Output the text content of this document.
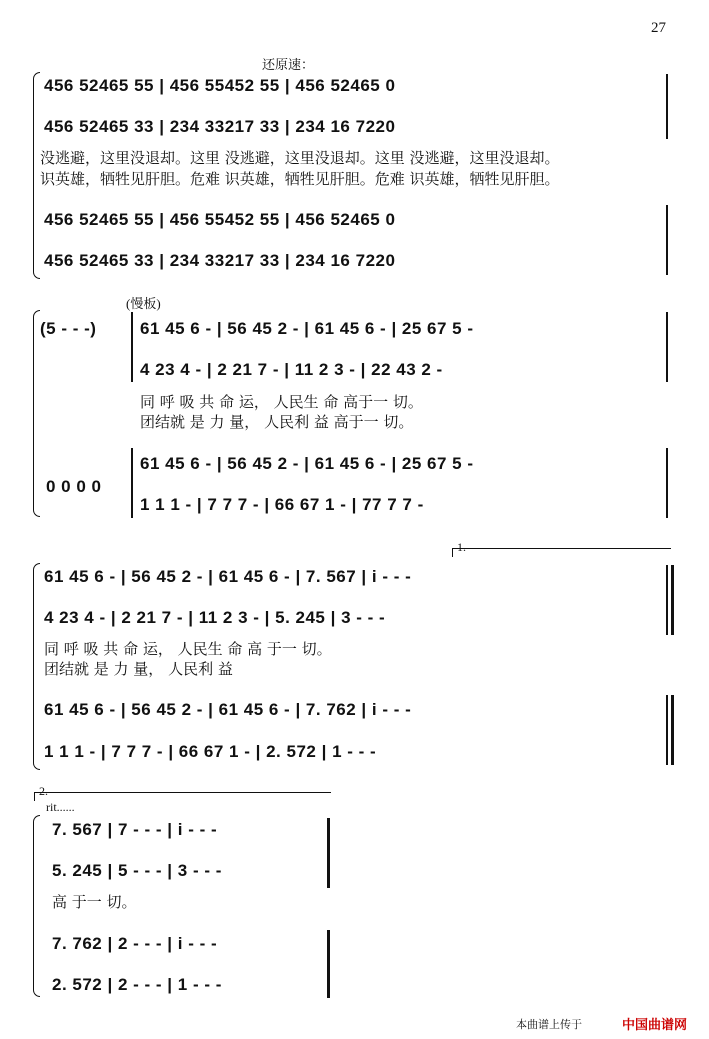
27
还原速：
456 52465 55 | 456 55452 55 | 456 52465 0
456 52465 33 | 234 33217 33 | 234 16 7220
没逃避，这里没退却。这里 没逃避，这里没退却。这里 没逃避，这里没退却。
识英雄，牺牲见肝胆。危难 识英雄，牺牲见肝胆。危难 识英雄，牺牲见肝胆。
456 52465 55 | 456 55452 55 | 456 52465 0
456 52465 33 | 234 33217 33 | 234 16 7220
(慢板)
(5 - - -)	61 45 6 - | 56 45 2 - | 61 45 6 - | 25 67 5 -
4 23 4 - | 2 21 7 - | 11 2 3 - | 22 43 2 -
同 呼 吸 共 命 运， 人民生 命 高于一 切。
团结就 是 力 量， 人民利 益 高于一 切。
61 45 6 - | 56 45 2 - | 61 45 6 - | 25 67 5 -
0 0 0 0
1 1 1 - | 7 7 7 - | 66 67 1 - | 77 7 7 -
1.
61 45 6 - | 56 45 2 - | 61 45 6 - | 7. 567 | i - - -
4 23 4 - | 2 21 7 - | 11 2 3 - | 5. 245 | 3 - - -
同 呼 吸 共 命 运， 人民生 命 高 于一 切。
团结就 是 力 量， 人民利 益
61 45 6 - | 56 45 2 - | 61 45 6 - | 7. 762 | i - - -
1 1 1 - | 7 7 7 - | 66 67 1 - | 2. 572 | 1 - - -
2.
rit......
7. 567 | 7 - - - | i - - -
5. 245 | 5 - - - | 3 - - -
高 于一 切。
7. 762 | 2 - - - | i - - -
2. 572 | 2 - - - | 1 - - -
本曲谱上传于	中国曲谱网
